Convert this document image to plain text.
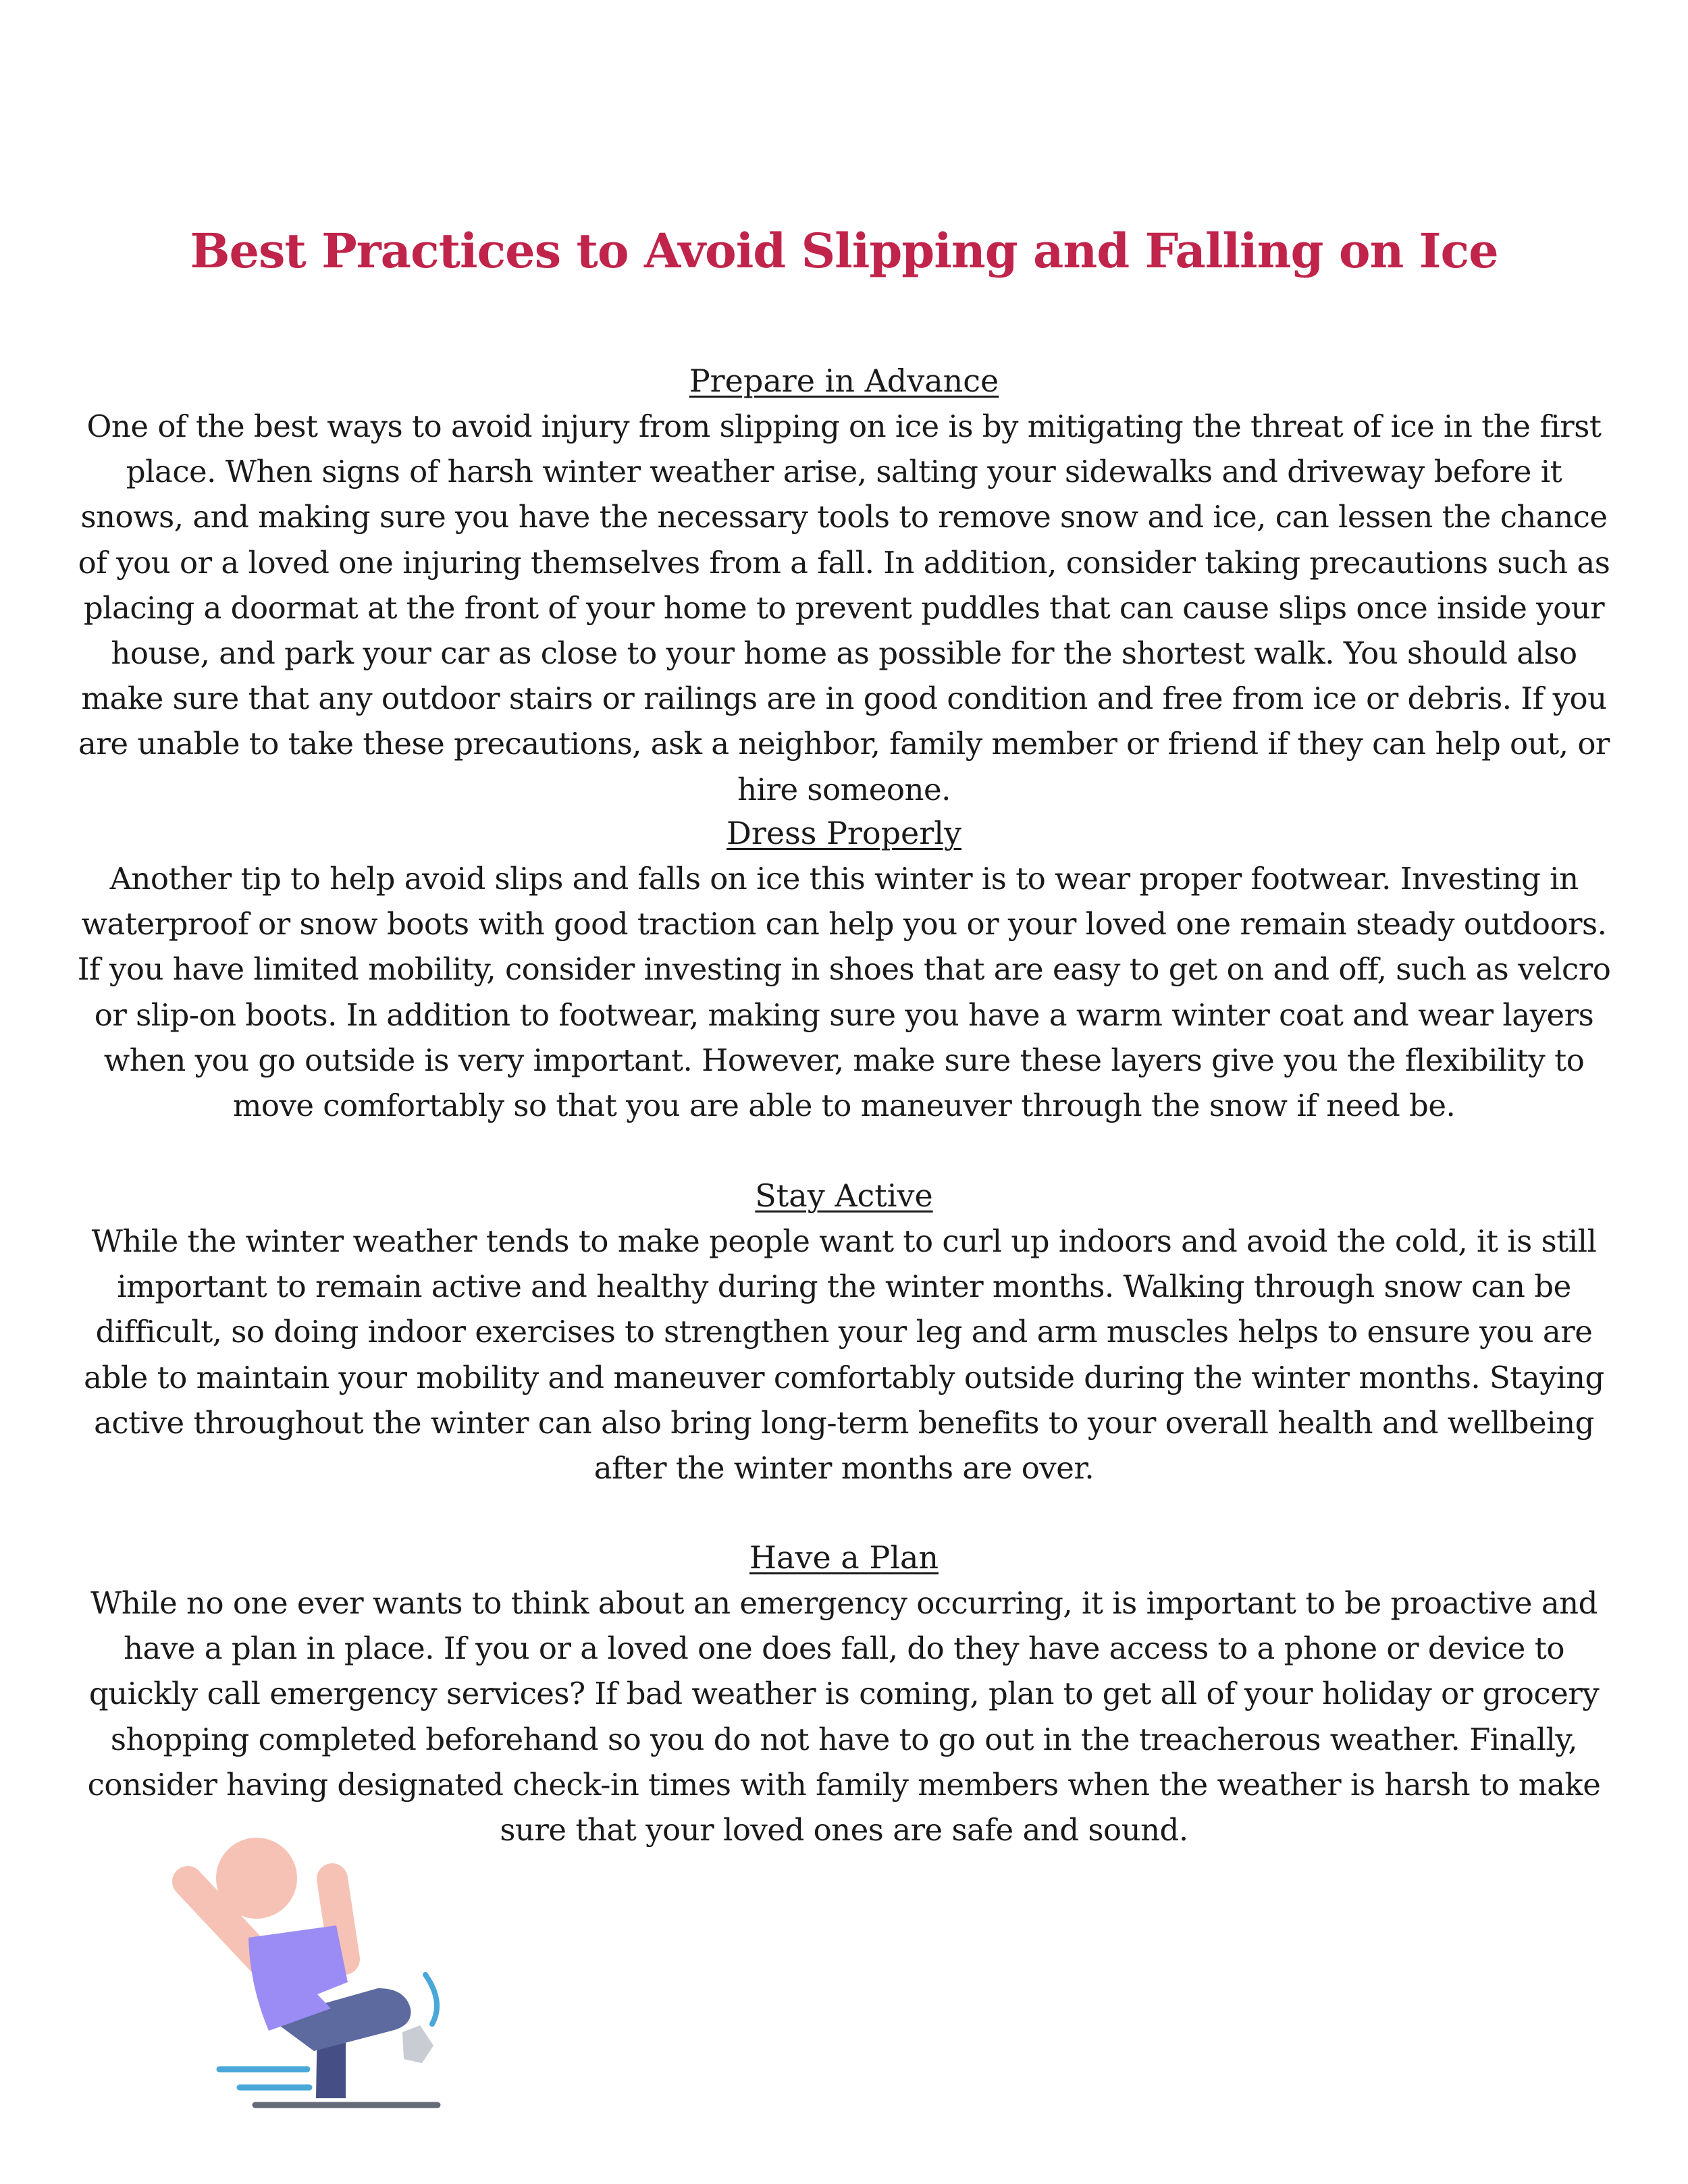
Best Practices to Avoid Slipping and Falling on Ice
Prepare in Advance

One of the best ways to avoid injury from slipping on ice is by mitigating the threat of ice in the first place. When signs of harsh winter weather arise, salting your sidewalks and driveway before it snows, and making sure you have the necessary tools to remove snow and ice, can lessen the chance of you or a loved one injuring themselves from a fall. In addition, consider taking precautions such as placing a doormat at the front of your home to prevent puddles that can cause slips once inside your house, and park your car as close to your home as possible for the shortest walk. You should also make sure that any outdoor stairs or railings are in good condition and free from ice or debris. If you are unable to take these precautions, ask a neighbor, family member or friend if they can help out, or hire someone.

Dress Properly

Another tip to help avoid slips and falls on ice this winter is to wear proper footwear. Investing in waterproof or snow boots with good traction can help you or your loved one remain steady outdoors. If you have limited mobility, consider investing in shoes that are easy to get on and off, such as velcro or slip-on boots. In addition to footwear, making sure you have a warm winter coat and wear layers when you go outside is very important. However, make sure these layers give you the flexibility to move comfortably so that you are able to maneuver through the snow if need be.

Stay Active

While the winter weather tends to make people want to curl up indoors and avoid the cold, it is still important to remain active and healthy during the winter months. Walking through snow can be difficult, so doing indoor exercises to strengthen your leg and arm muscles helps to ensure you are able to maintain your mobility and maneuver comfortably outside during the winter months. Staying active throughout the winter can also bring long-term benefits to your overall health and wellbeing after the winter months are over.

Have a Plan

While no one ever wants to think about an emergency occurring, it is important to be proactive and have a plan in place. If you or a loved one does fall, do they have access to a phone or device to quickly call emergency services? If bad weather is coming, plan to get all of your holiday or grocery shopping completed beforehand so you do not have to go out in the treacherous weather. Finally, consider having designated check-in times with family members when the weather is harsh to make sure that your loved ones are safe and sound.
